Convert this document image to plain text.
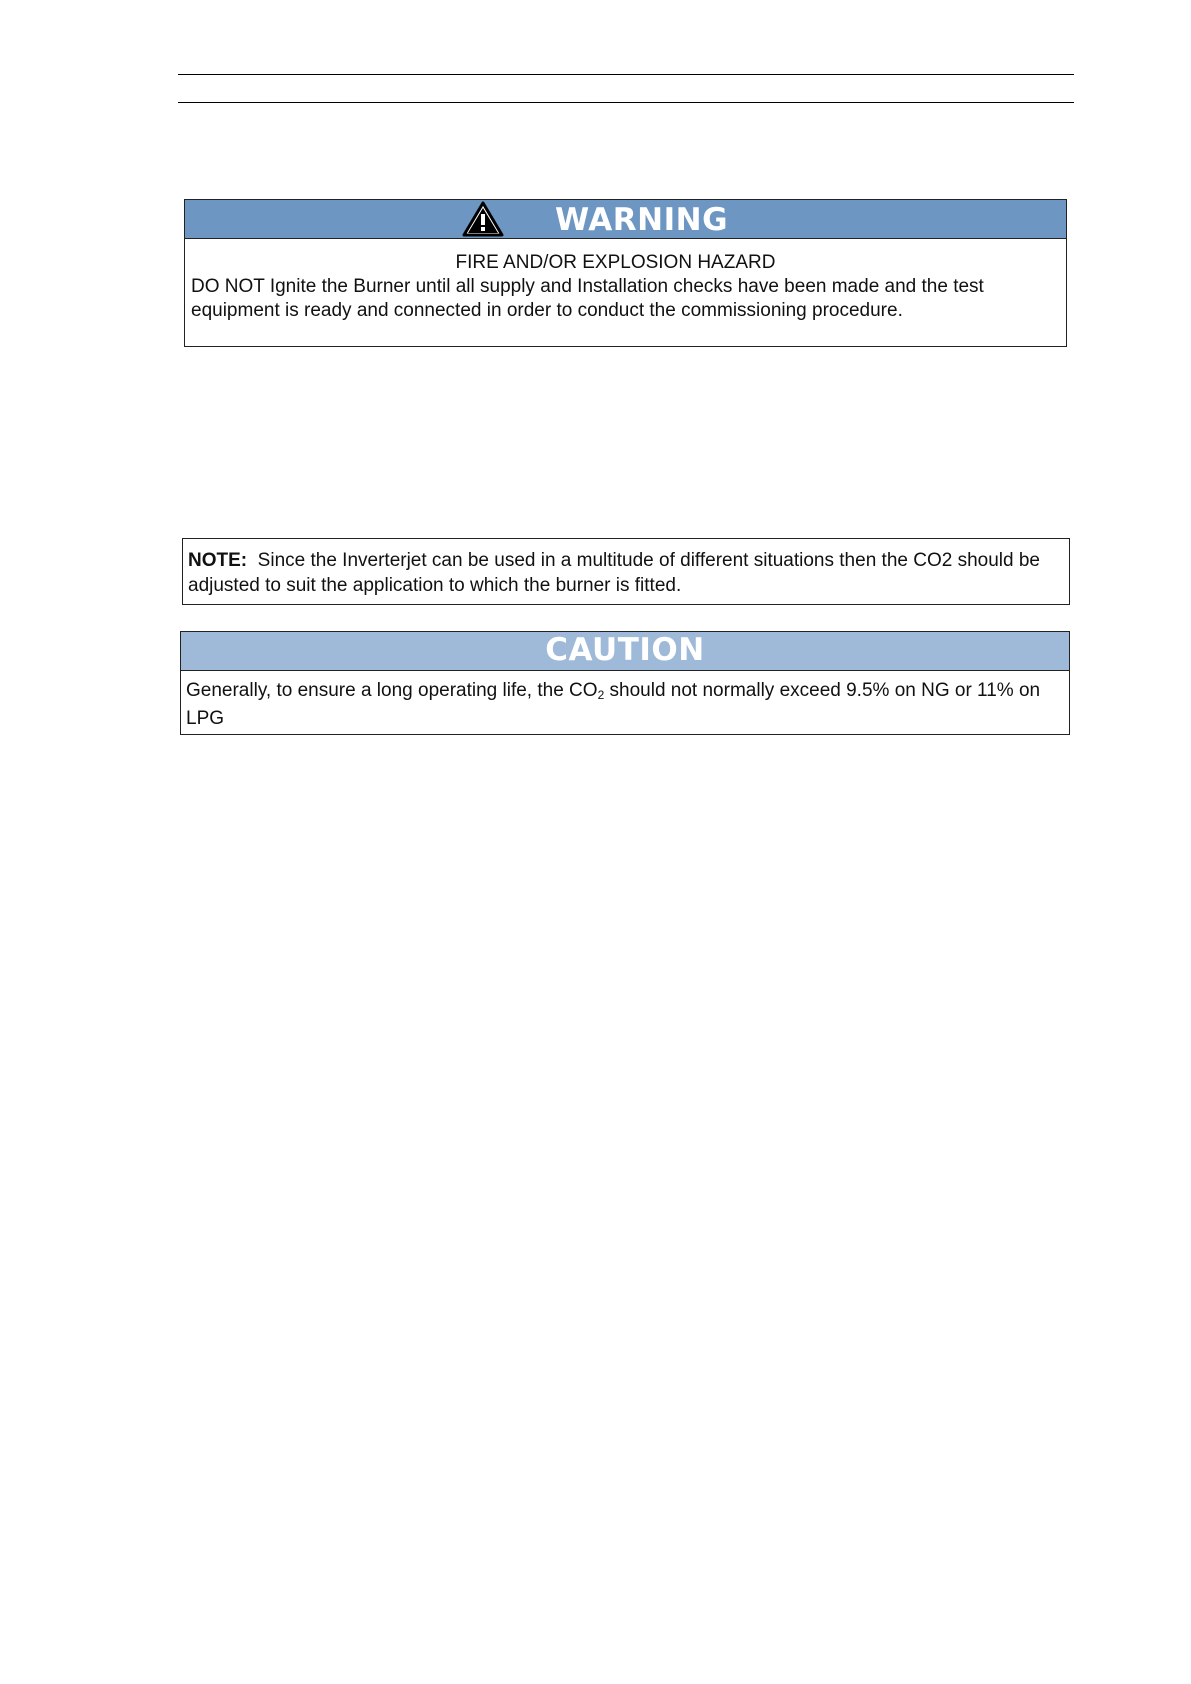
WARNING
FIRE AND/OR EXPLOSION HAZARD
DO NOT Ignite the Burner until all supply and Installation checks have been made and the test equipment is ready and connected in order to conduct the commissioning procedure.
NOTE: Since the Inverterjet can be used in a multitude of different situations then the CO2 should be adjusted to suit the application to which the burner is fitted.
CAUTION
Generally, to ensure a long operating life, the $CO_2$ should not normally exceed 9.5% on NG or 11% on LPG
